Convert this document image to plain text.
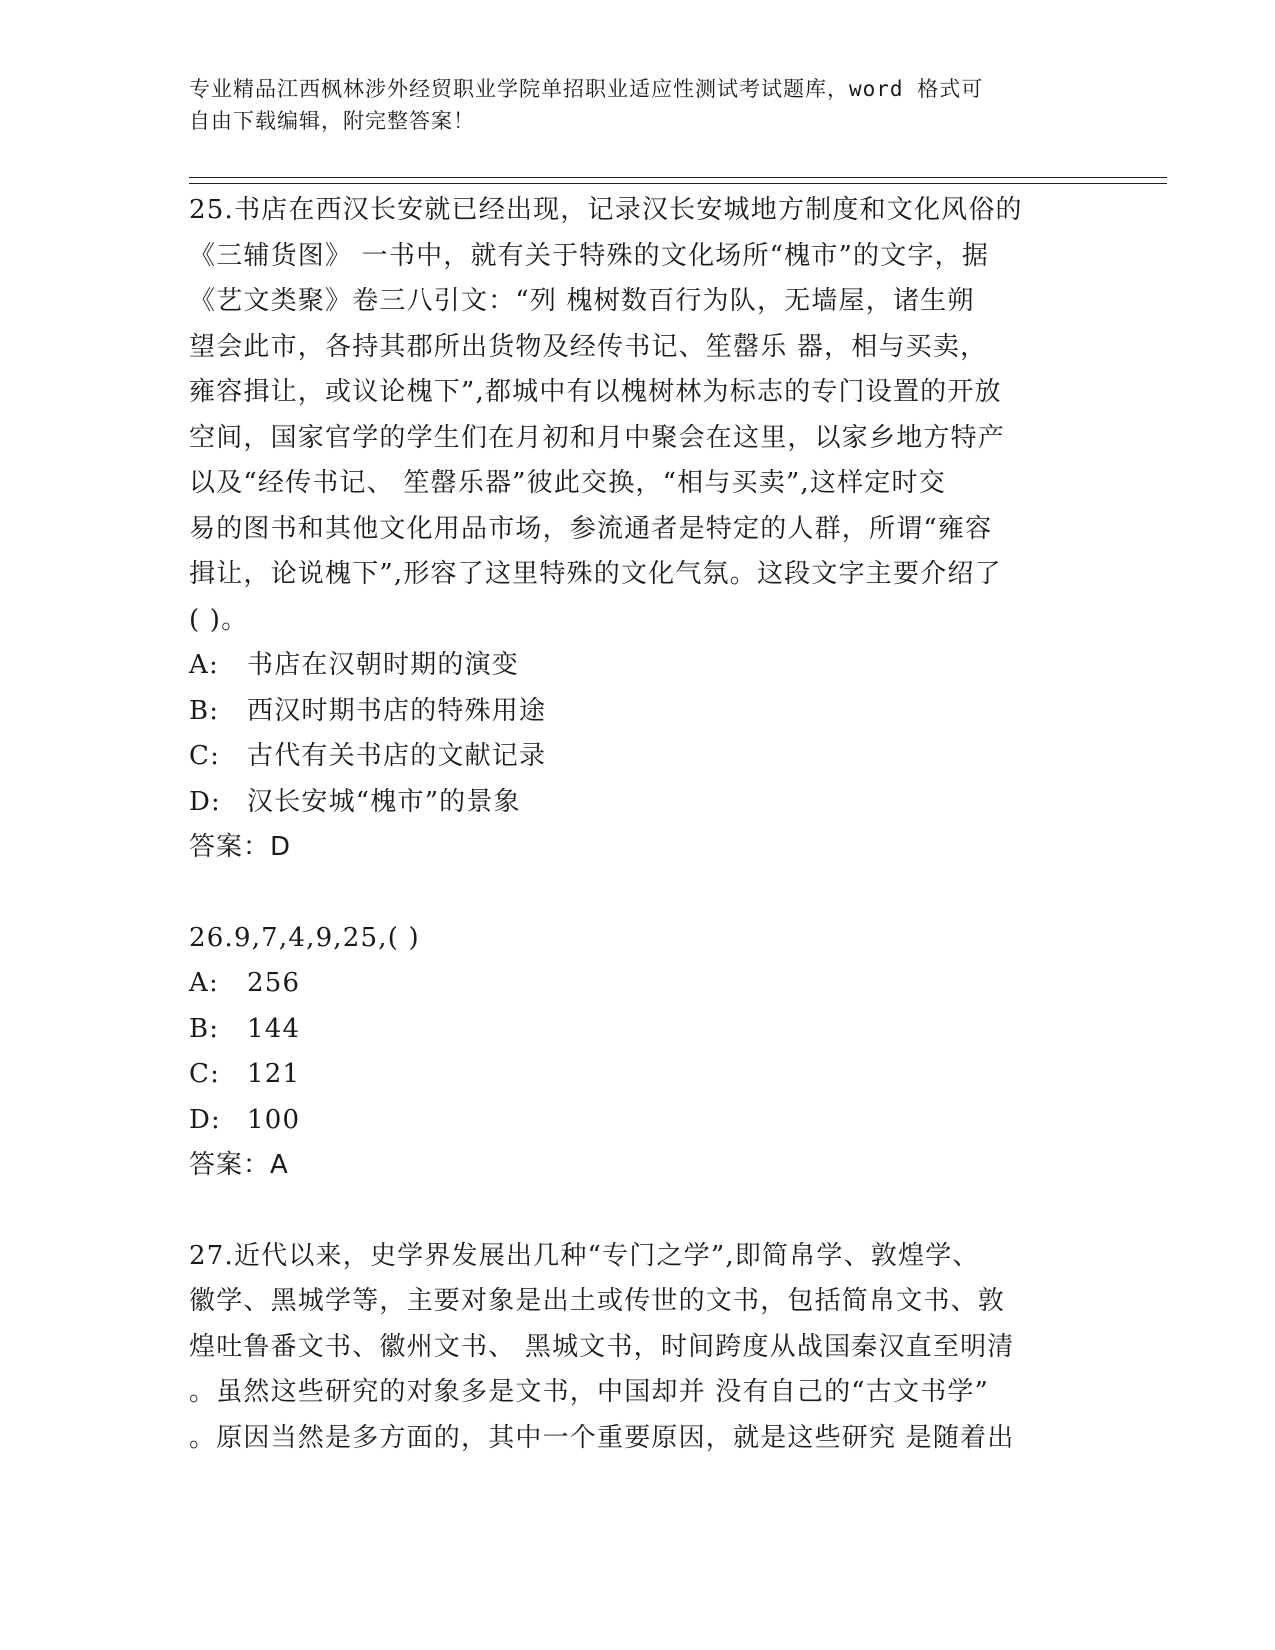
专业精品江西枫林涉外经贸职业学院单招职业适应性测试考试题库，word 格式可
自由下载编辑，附完整答案！
25.书店在西汉长安就已经出现，记录汉长安城地方制度和文化风俗的
《三辅货图》 一书中，就有关于特殊的文化场所“槐市”的文字，据
《艺文类聚》卷三八引文：“列 槐树数百行为队，无墙屋，诸生朔
望会此市，各持其郡所出货物及经传书记、笙罄乐 器，相与买卖，
雍容揖让，或议论槐下”,都城中有以槐树林为标志的专门设置的开放
空间，国家官学的学生们在月初和月中聚会在这里，以家乡地方特产
以及“经传书记、 笙罄乐器”彼此交换，“相与买卖”,这样定时交
易的图书和其他文化用品市场，参流通者是特定的人群，所谓“雍容
揖让，论说槐下”,形容了这里特殊的文化气氛。这段文字主要介绍了
( )。
A: 书店在汉朝时期的演变
B: 西汉时期书店的特殊用途
C: 古代有关书店的文献记录
D: 汉长安城“槐市”的景象
答案：D
26.9,7,4,9,25,( )
A: 256
B: 144
C: 121
D: 100
答案：A
27.近代以来，史学界发展出几种“专门之学”,即简帛学、敦煌学、
徽学、黑城学等，主要对象是出土或传世的文书，包括简帛文书、敦
煌吐鲁番文书、徽州文书、 黑城文书，时间跨度从战国秦汉直至明清
。虽然这些研究的对象多是文书，中国却并 没有自己的“古文书学”
。原因当然是多方面的，其中一个重要原因，就是这些研究 是随着出
